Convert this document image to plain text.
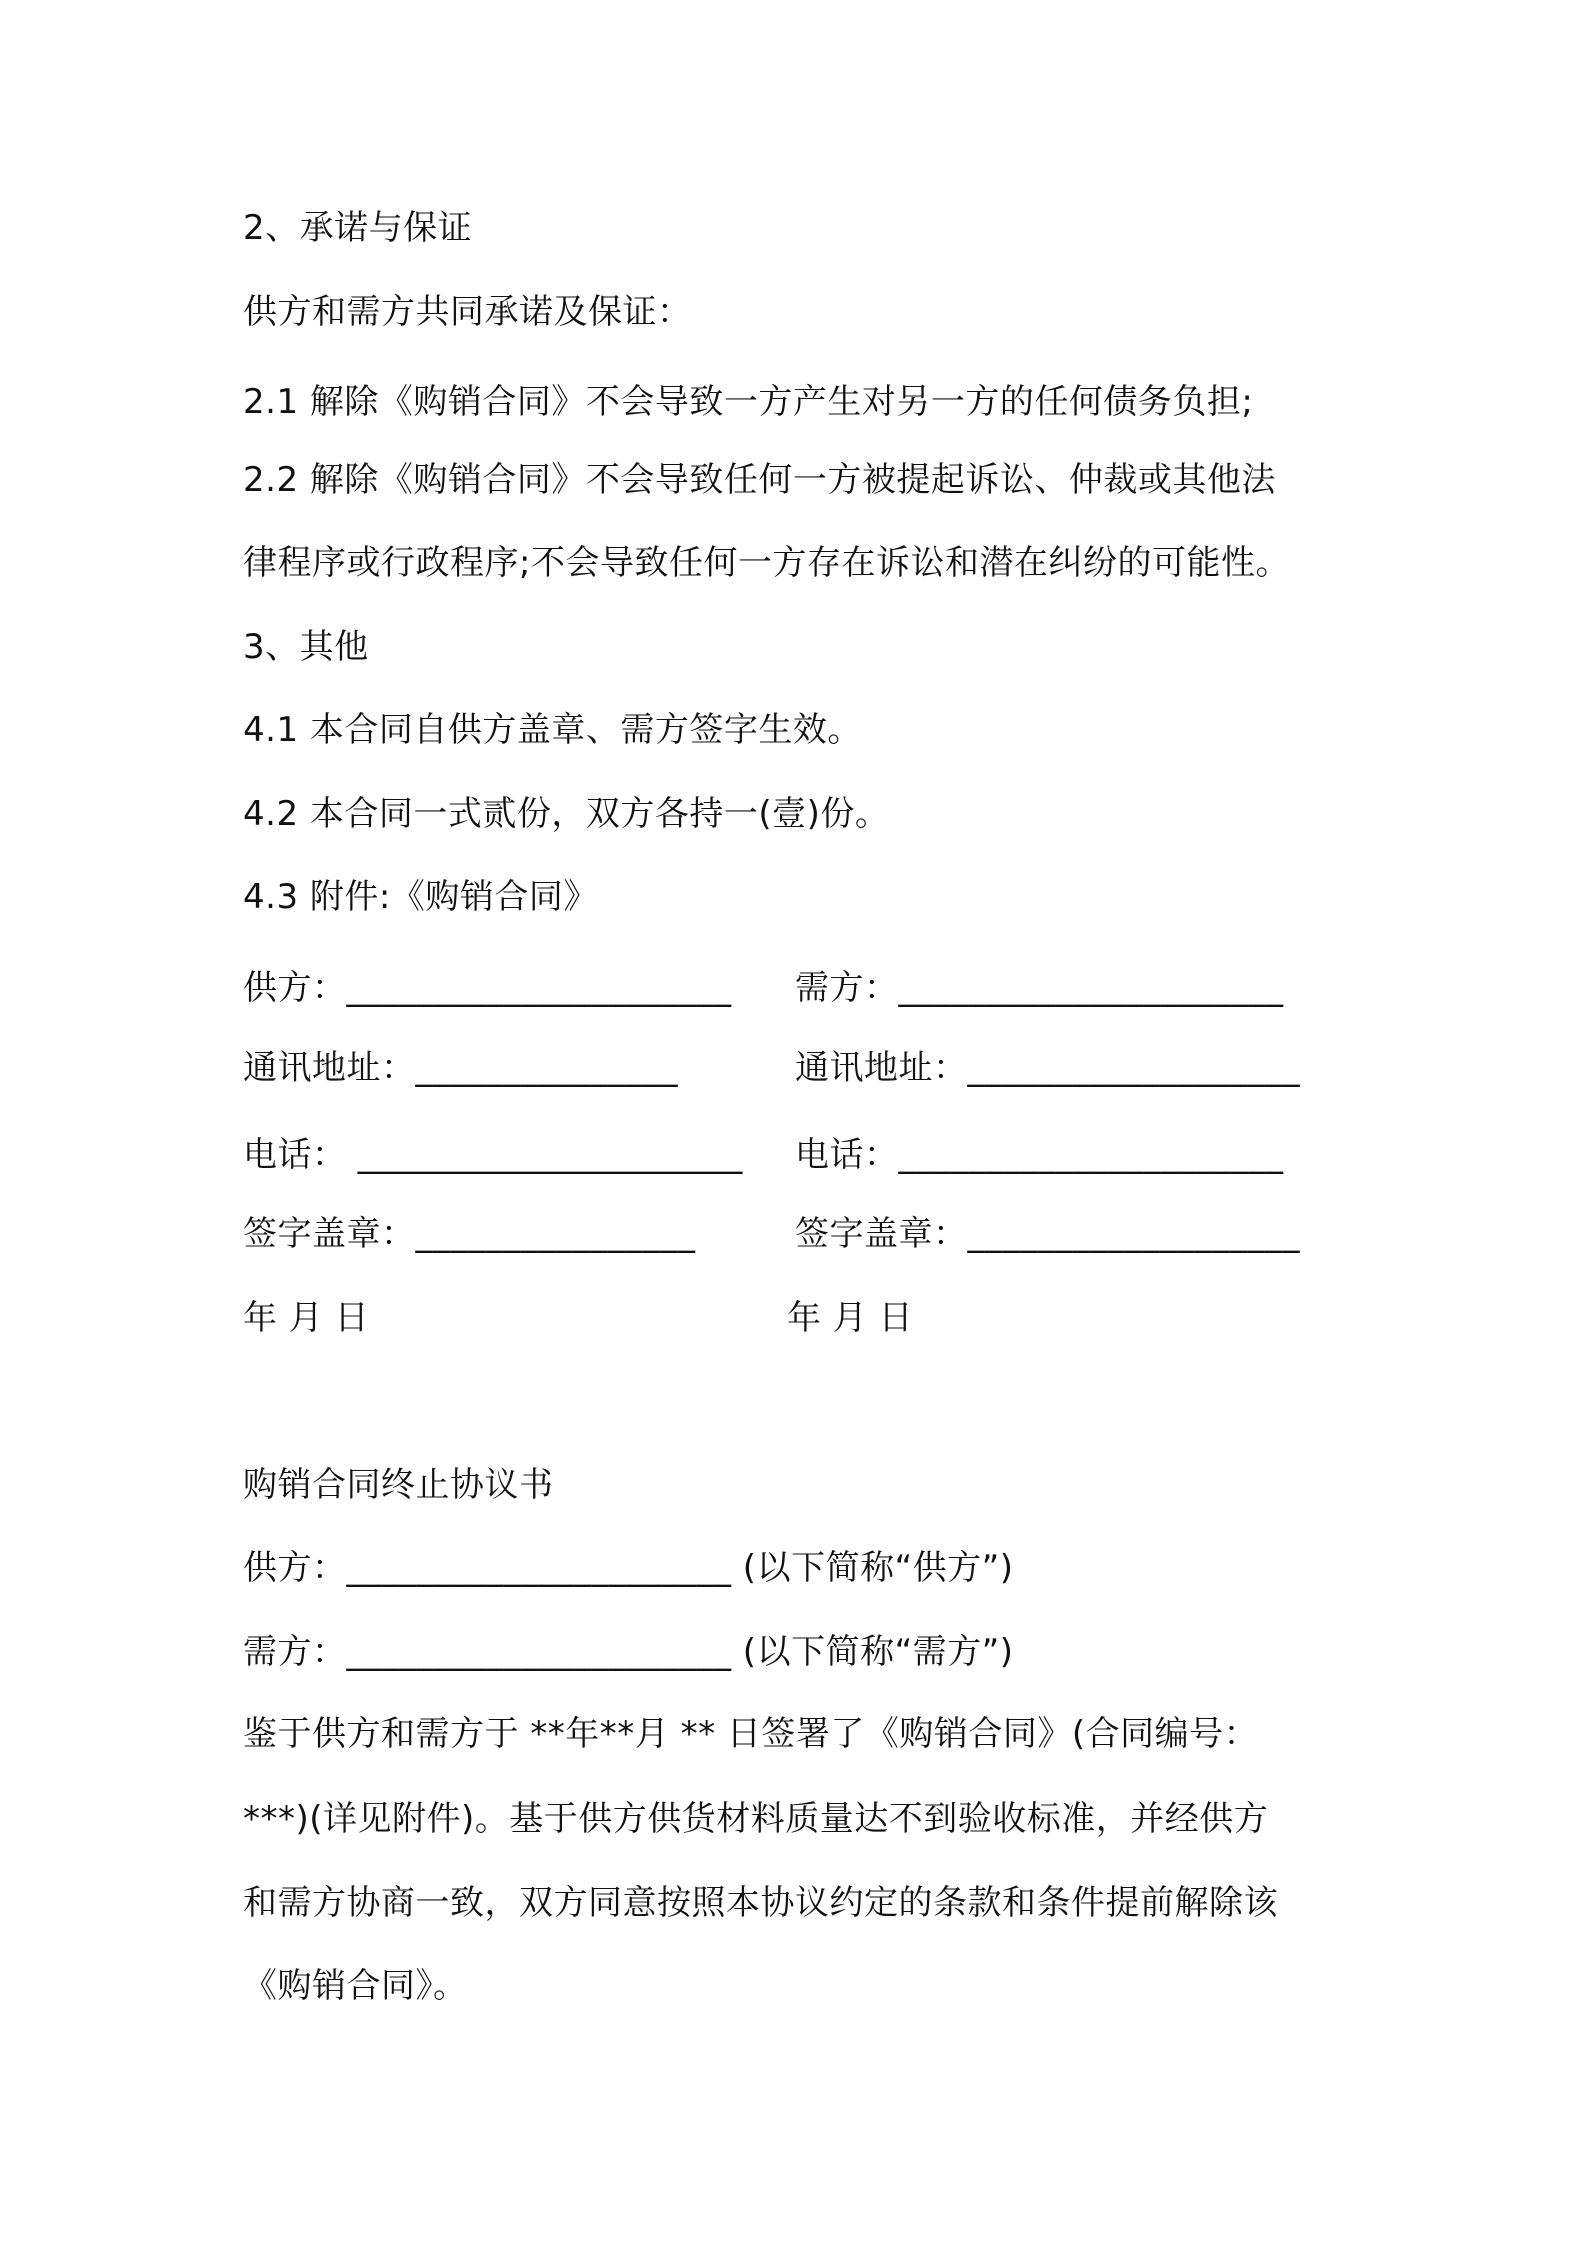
2、承诺与保证
供方和需方共同承诺及保证：
2.1 解除《购销合同》不会导致一方产生对另一方的任何债务负担;
2.2 解除《购销合同》不会导致任何一方被提起诉讼、仲裁或其他法
律程序或行政程序;不会导致任何一方存在诉讼和潜在纠纷的可能性。
3、其他
4.1 本合同自供方盖章、需方签字生效。
4.2 本合同一式贰份，双方各持一(壹)份。
4.3 附件:《购销合同》
供方：______________________ 需方：______________________
通讯地址：_______________	通讯地址：___________________
电话： ______________________ 电话：______________________
签字盖章：________________	签字盖章：___________________
年 月 日	年 月 日
购销合同终止协议书
供方：______________________ (以下简称“供方”)
需方：______________________ (以下简称“需方”)
鉴于供方和需方于 **年**月 ** 日签署了《购销合同》(合同编号：
***)(详见附件)。基于供方供货材料质量达不到验收标准，并经供方
和需方协商一致，双方同意按照本协议约定的条款和条件提前解除该
《购销合同》。
